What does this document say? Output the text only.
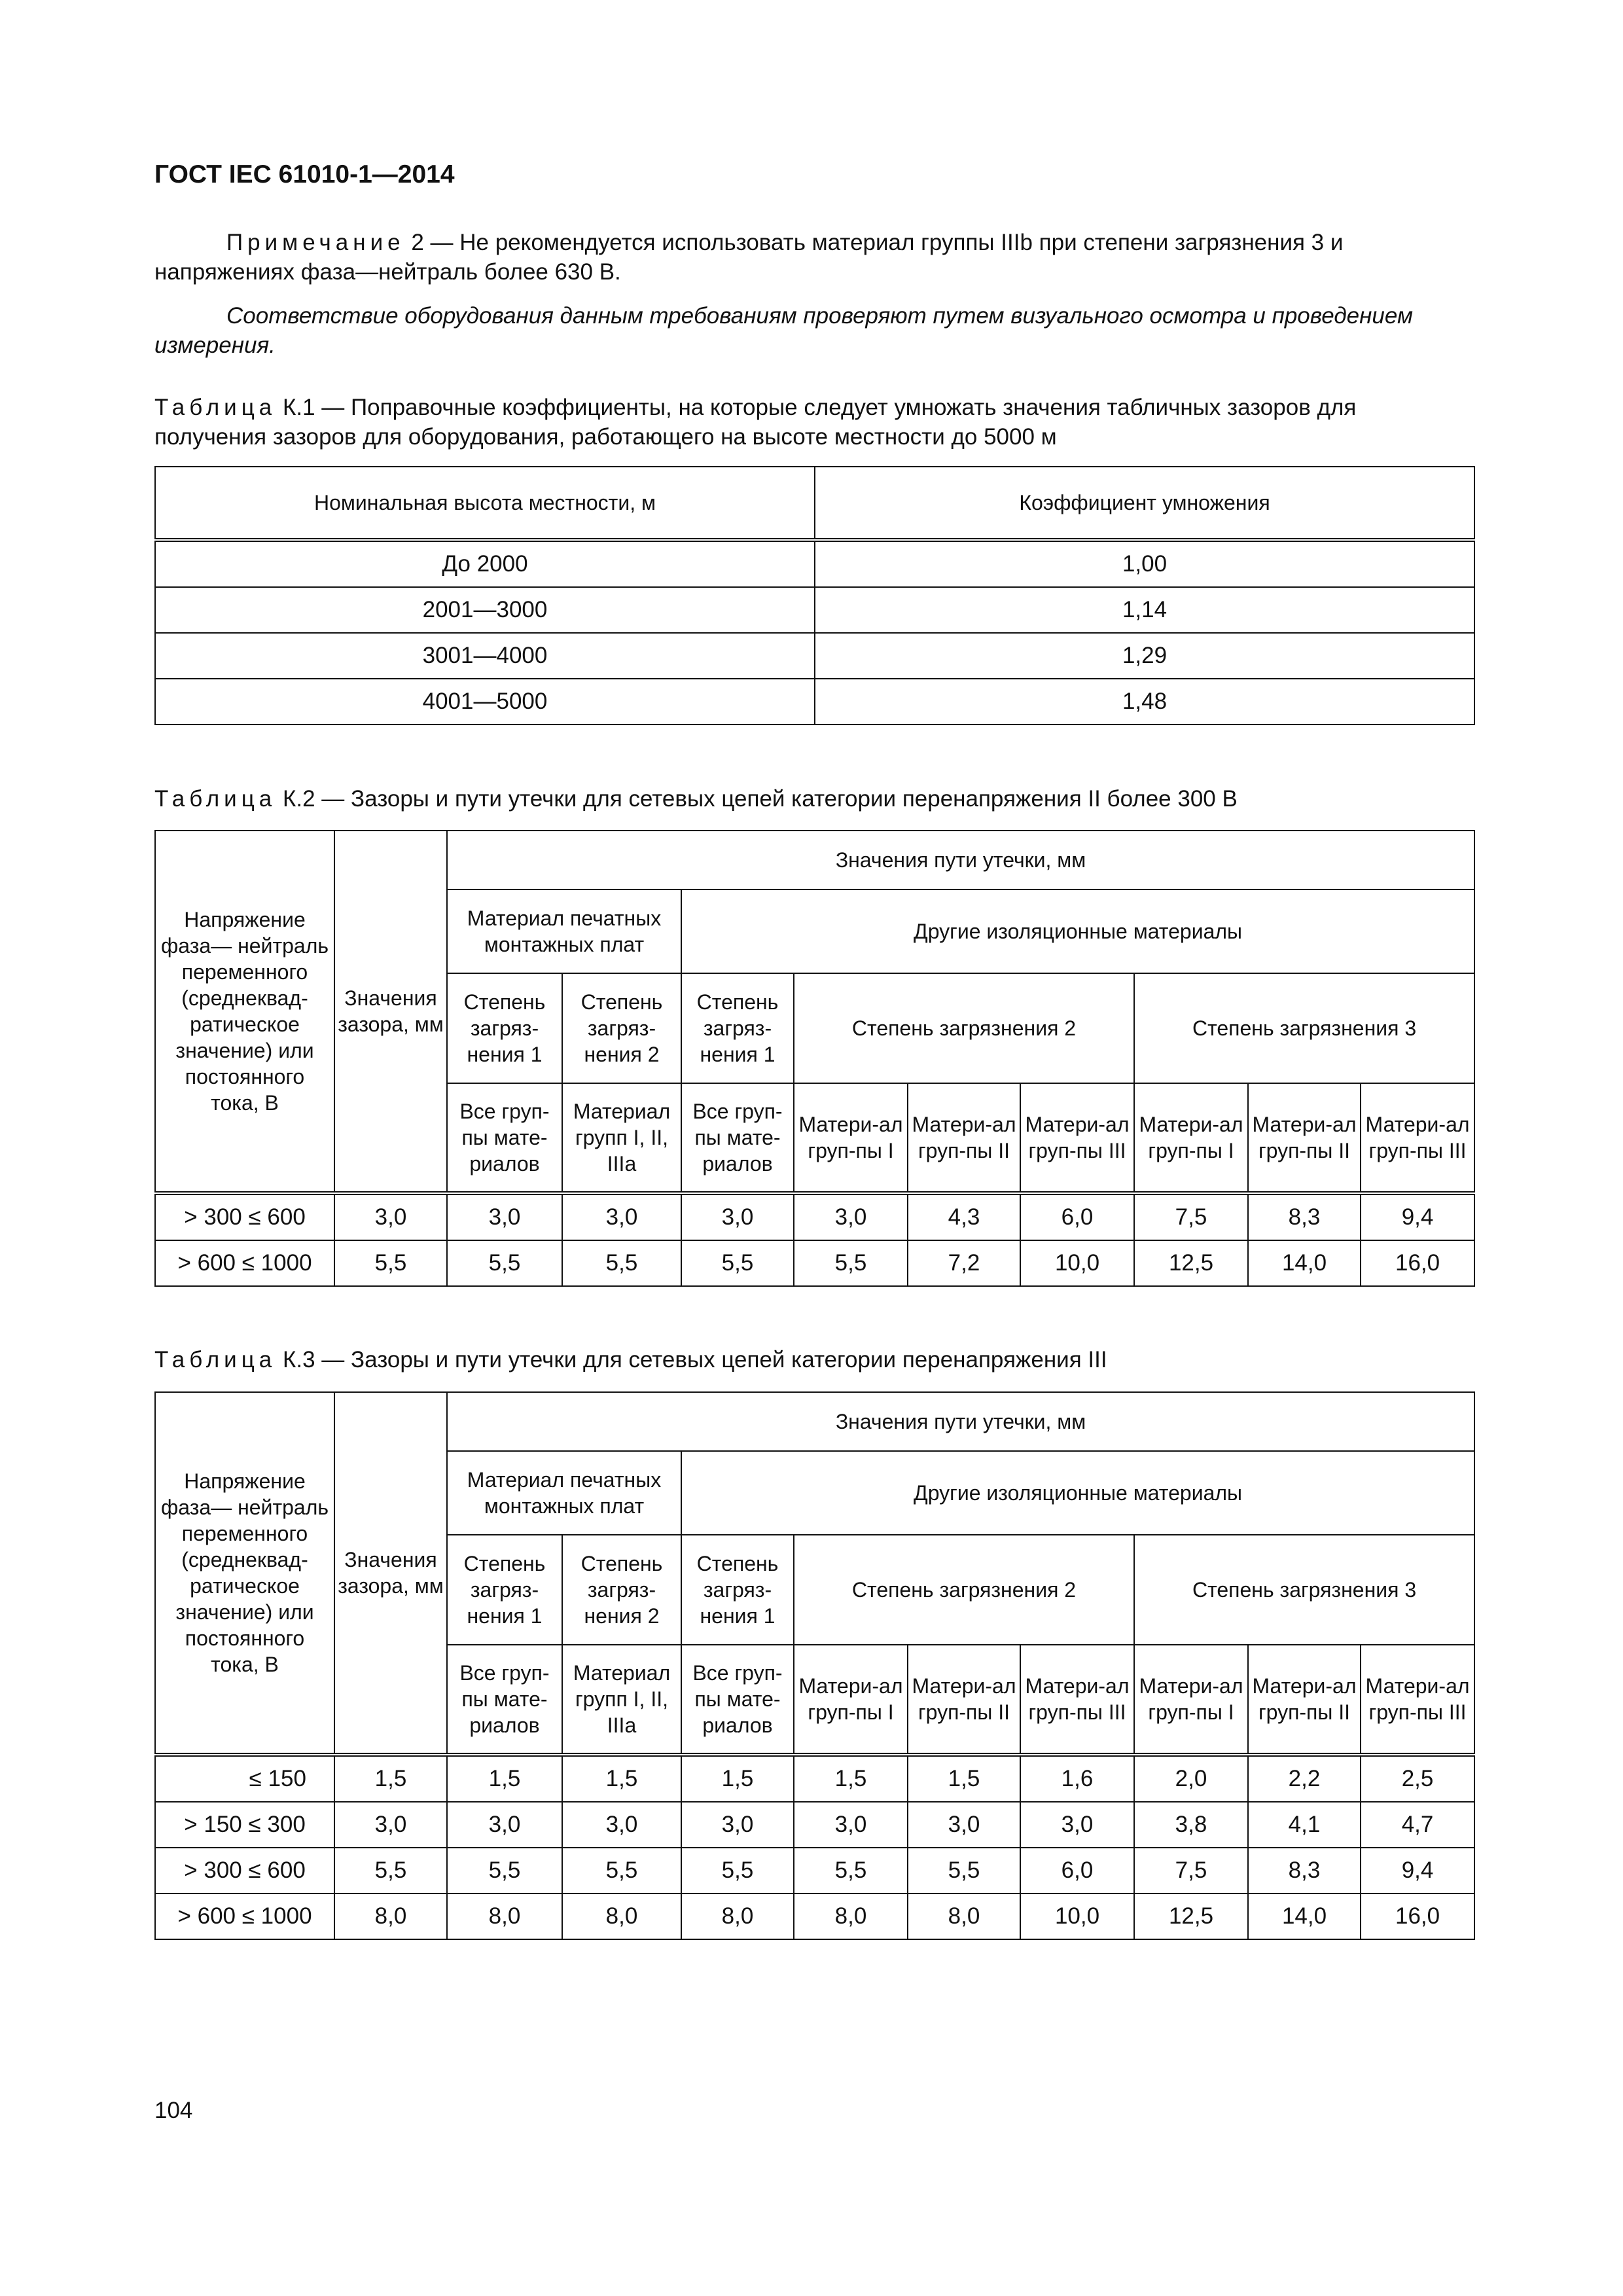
ГОСТ IEC 61010-1—2014
Примечание 2 — Не рекомендуется использовать материал группы IIIb при степени загрязнения 3 и напряжениях фаза—нейтраль более 630 В.
Соответствие оборудования данным требованиям проверяют путем визуального осмотра и проведением измерения.
Таблица К.1 — Поправочные коэффициенты, на которые следует умножать значения табличных зазоров для получения зазоров для оборудования, работающего на высоте местности до 5000 м
Номинальная высота местности, м	Коэффициент умножения
До 2000	1,00
2001—3000	1,14
3001—4000	1,29
4001—5000	1,48
Таблица К.2 — Зазоры и пути утечки для сетевых цепей категории перенапряжения II более 300 В
Напряжение фаза— нейтраль переменного (среднеквад-ратическое значение) или постоянного тока, В	Значения зазора, мм	Значения пути утечки, мм								
		Материал печатных монтажных плат		Другие изоляционные материалы						
		Степень загряз-нения 1	Степень загряз-нения 2	Степень загряз-нения 1	Степень загрязнения 2			Степень загрязнения 3		
		Все груп-пы мате-риалов	Материал групп I, II, IIIa	Все груп-пы мате-риалов	Матери-ал груп-пы I	Матери-ал груп-пы II	Матери-ал груп-пы III	Матери-ал груп-пы I	Матери-ал груп-пы II	Матери-ал груп-пы III
> 300 ≤ 600	3,0	3,0	3,0	3,0	3,0	4,3	6,0	7,5	8,3	9,4
> 600 ≤ 1000	5,5	5,5	5,5	5,5	5,5	7,2	10,0	12,5	14,0	16,0
Таблица К.3 — Зазоры и пути утечки для сетевых цепей категории перенапряжения III
Напряжение фаза— нейтраль переменного (среднеквад-ратическое значение) или постоянного тока, В	Значения зазора, мм	Значения пути утечки, мм								
		Материал печатных монтажных плат		Другие изоляционные материалы						
		Степень загряз-нения 1	Степень загряз-нения 2	Степень загряз-нения 1	Степень загрязнения 2			Степень загрязнения 3		
		Все груп-пы мате-риалов	Материал групп I, II, IIIa	Все груп-пы мате-риалов	Матери-ал груп-пы I	Матери-ал груп-пы II	Матери-ал груп-пы III	Матери-ал груп-пы I	Матери-ал груп-пы II	Матери-ал груп-пы III
≤ 150	1,5	1,5	1,5	1,5	1,5	1,5	1,6	2,0	2,2	2,5
> 150 ≤ 300	3,0	3,0	3,0	3,0	3,0	3,0	3,0	3,8	4,1	4,7
> 300 ≤ 600	5,5	5,5	5,5	5,5	5,5	5,5	6,0	7,5	8,3	9,4
> 600 ≤ 1000	8,0	8,0	8,0	8,0	8,0	8,0	10,0	12,5	14,0	16,0
104
